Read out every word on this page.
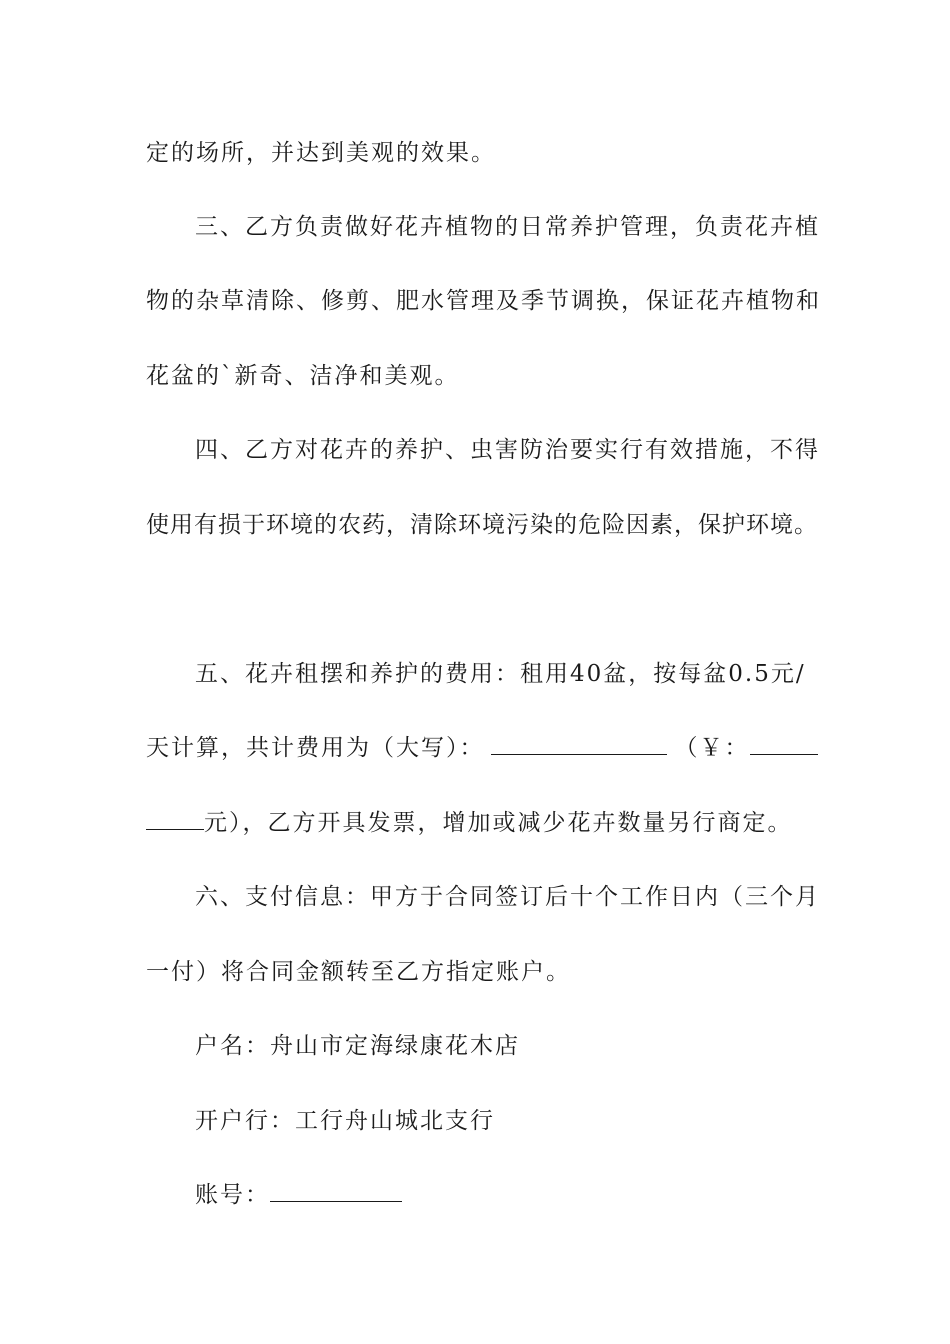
定的场所，并达到美观的效果。
三、乙方负责做好花卉植物的日常养护管理，负责花卉植
物的杂草清除、修剪、肥水管理及季节调换，保证花卉植物和
花盆的`新奇、洁净和美观。
四、乙方对花卉的养护、虫害防治要实行有效措施，不得
使用有损于环境的农药，清除环境污染的危险因素，保护环境。
五、花卉租摆和养护的费用：租用40盆，按每盆0.5元/
天计算，共计费用为（大写）：	（￥：
元），乙方开具发票，增加或减少花卉数量另行商定。
六、支付信息：甲方于合同签订后十个工作日内（三个月
一付）将合同金额转至乙方指定账户。
户名：舟山市定海绿康花木店
开户行：工行舟山城北支行
账号：
